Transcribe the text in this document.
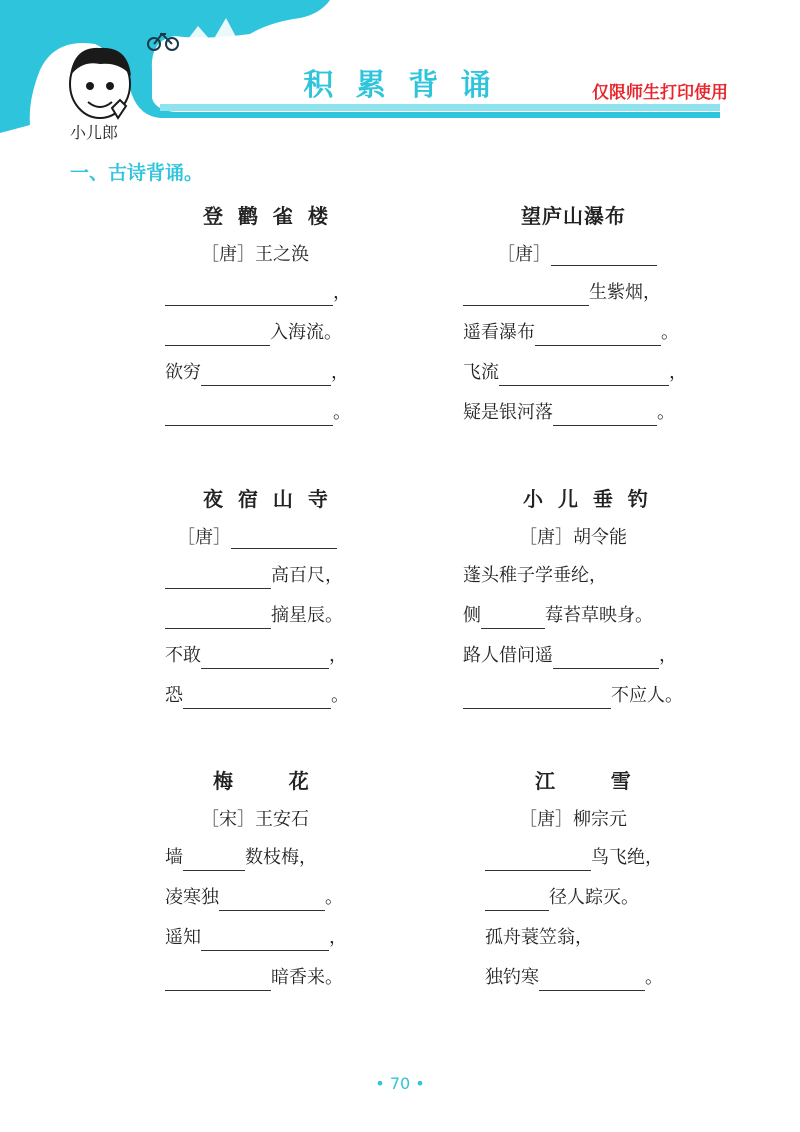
积 累 背 诵	仅限师生打印使用
小儿郎
一、古诗背诵。
登 鹳 雀 楼
［唐］王之涣
，
入海流。
欲穷	，
。
望庐山瀑布
［唐］
生紫烟，
遥看瀑布	。
飞流	，
疑是银河落	。
夜 宿 山 寺
［唐］
高百尺，
摘星辰。
不敢	，
恐	。
小 儿 垂 钓
［唐］胡令能
蓬头稚子学垂纶，
侧	莓苔草映身。
路人借问遥	，
不应人。
梅      花
［宋］王安石
墙	数枝梅，
凌寒独	。
遥知	，
暗香来。
江      雪
［唐］柳宗元
鸟飞绝，
径人踪灭。
孤舟蓑笠翁，
独钓寒	。
• 70 •
